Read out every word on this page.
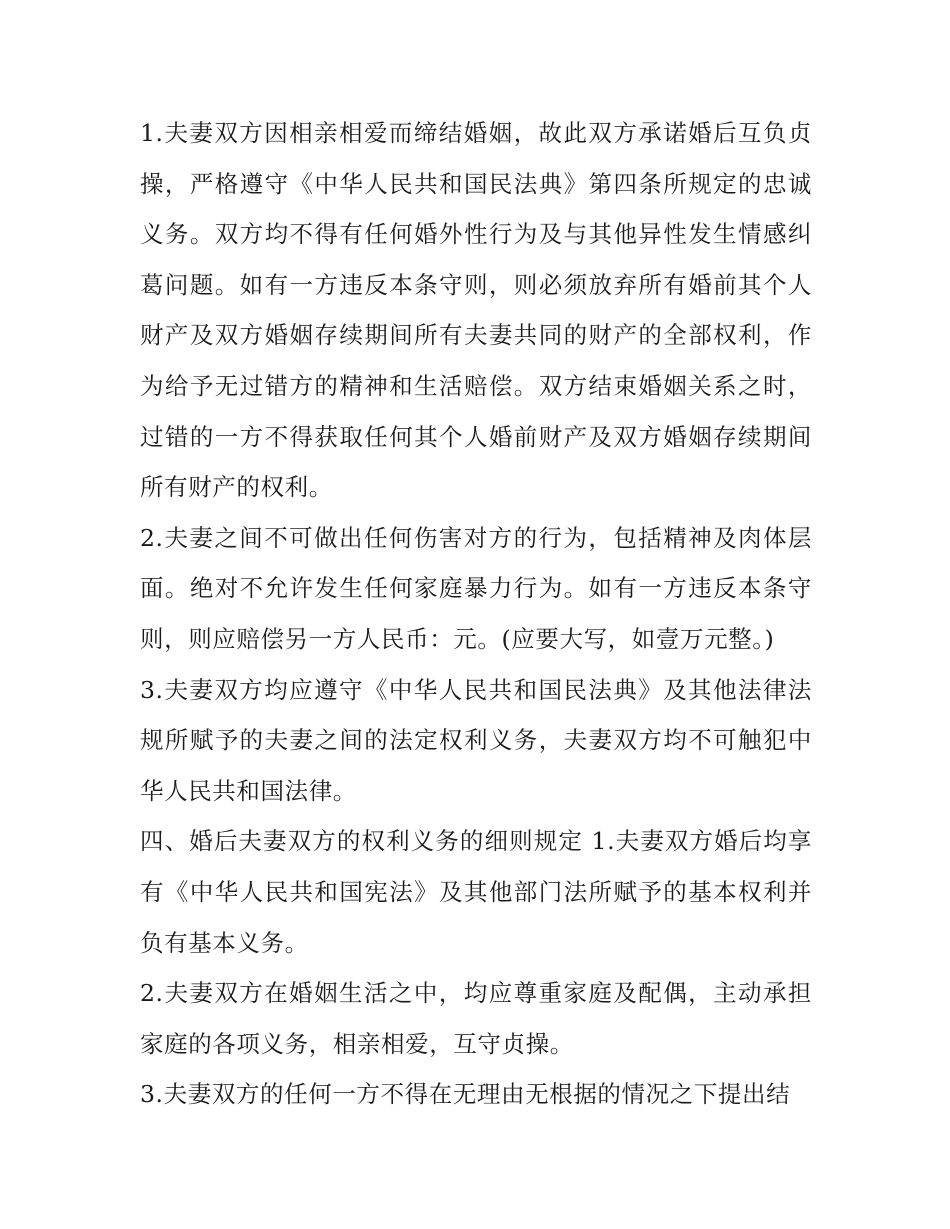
1.夫妻双方因相亲相爱而缔结婚姻，故此双方承诺婚后互负贞操，严格遵守《中华人民共和国民法典》第四条所规定的忠诚义务。双方均不得有任何婚外性行为及与其他异性发生情感纠葛问题。如有一方违反本条守则，则必须放弃所有婚前其个人财产及双方婚姻存续期间所有夫妻共同的财产的全部权利，作为给予无过错方的精神和生活赔偿。双方结束婚姻关系之时，过错的一方不得获取任何其个人婚前财产及双方婚姻存续期间所有财产的权利。

2.夫妻之间不可做出任何伤害对方的行为，包括精神及肉体层面。绝对不允许发生任何家庭暴力行为。如有一方违反本条守则，则应赔偿另一方人民币：元。(应要大写，如壹万元整。)

3.夫妻双方均应遵守《中华人民共和国民法典》及其他法律法规所赋予的夫妻之间的法定权利义务，夫妻双方均不可触犯中华人民共和国法律。

四、婚后夫妻双方的权利义务的细则规定 1.夫妻双方婚后均享有《中华人民共和国宪法》及其他部门法所赋予的基本权利并负有基本义务。

2.夫妻双方在婚姻生活之中，均应尊重家庭及配偶，主动承担家庭的各项义务，相亲相爱，互守贞操。

3.夫妻双方的任何一方不得在无理由无根据的情况之下提出结
